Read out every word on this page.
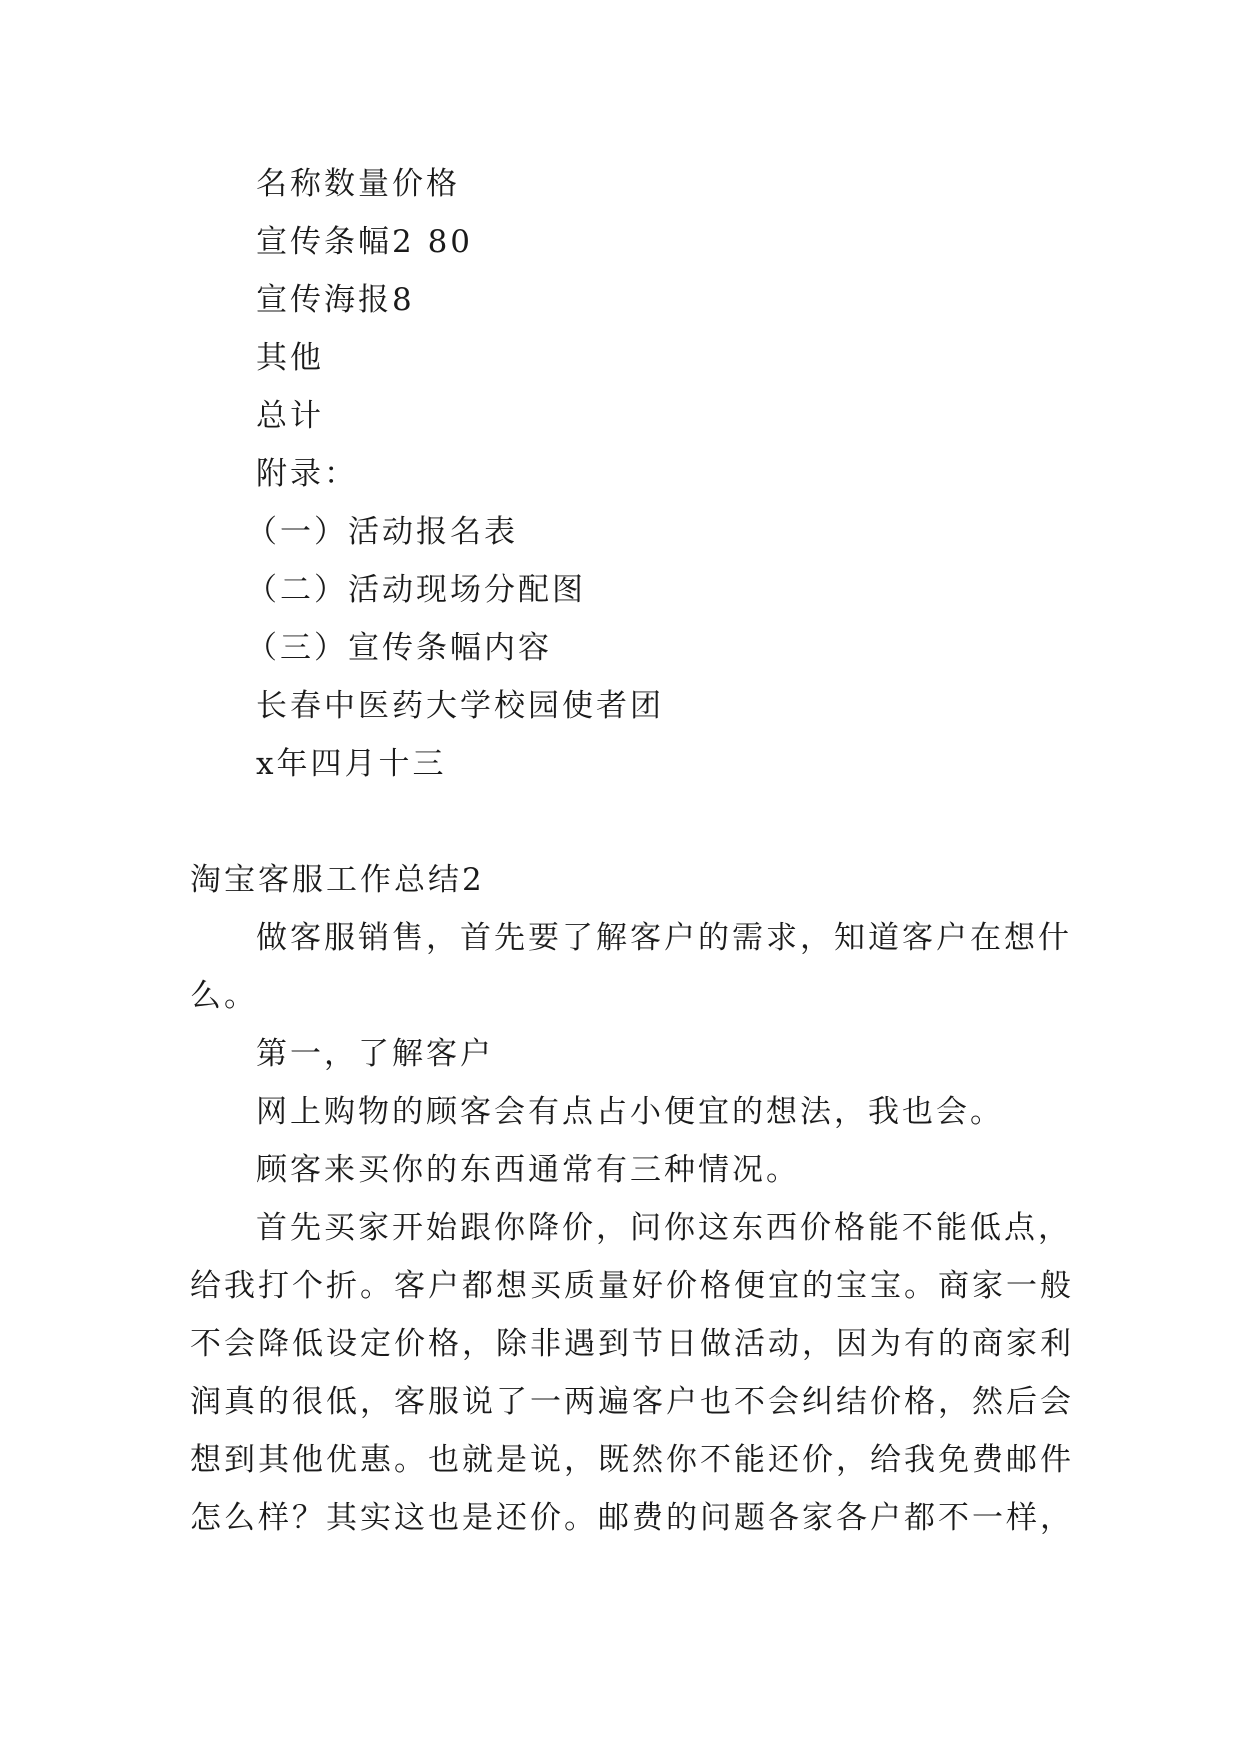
名称数量价格
宣传条幅2 80
宣传海报8
其他
总计
附录：
（一）活动报名表
（二）活动现场分配图
（三）宣传条幅内容
长春中医药大学校园使者团
x年四月十三
淘宝客服工作总结2
做客服销售，首先要了解客户的需求，知道客户在想什
么。
第一，了解客户
网上购物的顾客会有点占小便宜的想法，我也会。
顾客来买你的东西通常有三种情况。
首先买家开始跟你降价，问你这东西价格能不能低点，
给我打个折。客户都想买质量好价格便宜的宝宝。商家一般
不会降低设定价格，除非遇到节日做活动，因为有的商家利
润真的很低，客服说了一两遍客户也不会纠结价格，然后会
想到其他优惠。也就是说，既然你不能还价，给我免费邮件
怎么样？其实这也是还价。邮费的问题各家各户都不一样，
